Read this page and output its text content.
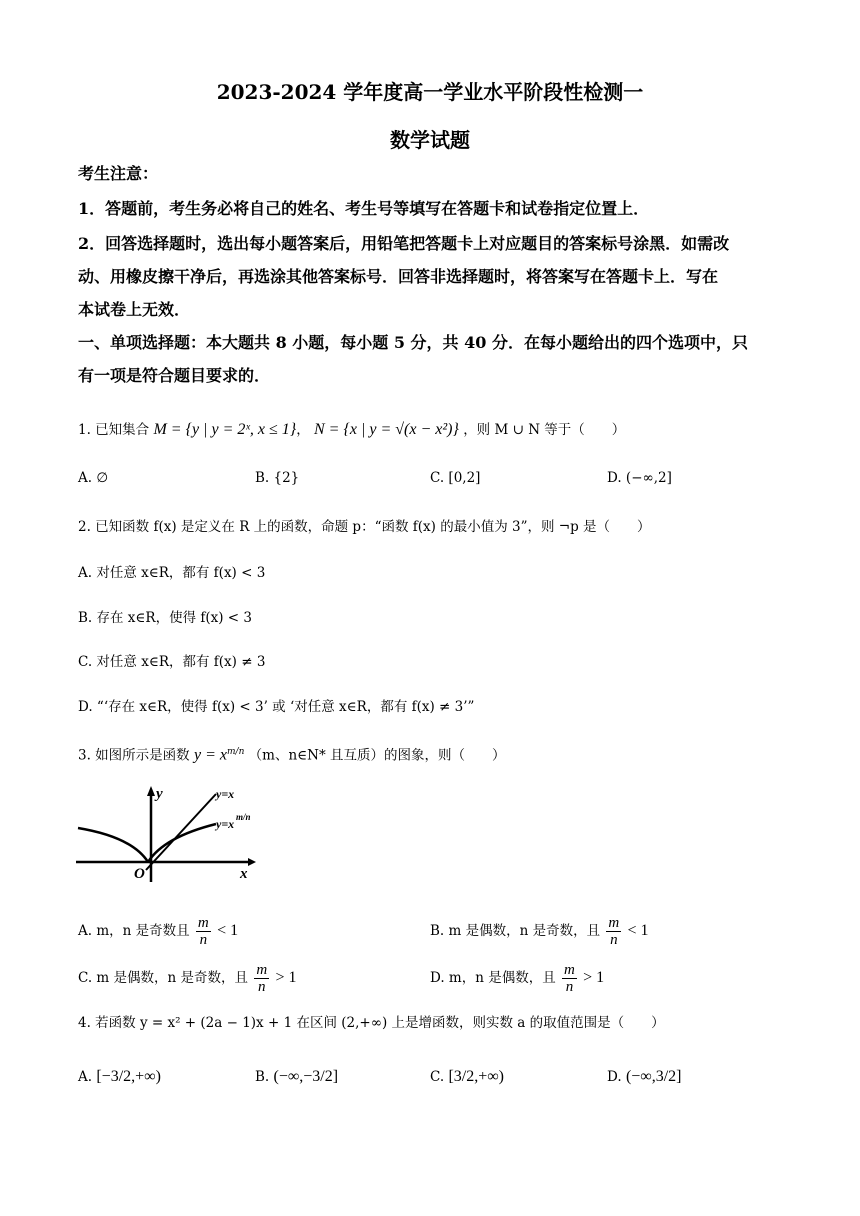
2023-2024 学年度高一学业水平阶段性检测一
数学试题
考生注意：
1．答题前，考生务必将自己的姓名、考生号等填写在答题卡和试卷指定位置上．
2．回答选择题时，选出每小题答案后，用铅笔把答题卡上对应题目的答案标号涂黑．如需改
动、用橡皮擦干净后，再选涂其他答案标号．回答非选择题时，将答案写在答题卡上．写在
本试卷上无效．
一、单项选择题：本大题共 8 小题，每小题 5 分，共 40 分．在每小题给出的四个选项中，只
有一项是符合题目要求的．
1. 已知集合 M = {y | y = 2ˣ, x ≤ 1}， N = {x | y = √(x − x²)} ，则 M ∪ N 等于（　　）
A. ∅	B. {2}	C. [0,2]	D. (−∞,2]
2. 已知函数 f(x) 是定义在 R 上的函数，命题 p：“函数 f(x) 的最小值为 3”，则 ¬p 是（　　）
A. 对任意 x∈R，都有 f(x) < 3
B. 存在 x∈R，使得 f(x) < 3
C. 对任意 x∈R，都有 f(x) ≠ 3
D. “‘存在 x∈R，使得 f(x) < 3’ 或 ‘对任意 x∈R，都有 f(x) ≠ 3’”
3. 如图所示是函数 $y = x^{m/n}$ （m、n∈N* 且互质）的图象，则（　　）
y
x
O
y=x
y=x m/n
A. m，n 是奇数且 $\frac{m}{n} < 1$	B. m 是偶数，n 是奇数，且 $\frac{m}{n} < 1$
C. m 是偶数，n 是奇数，且 $\frac{m}{n} > 1$	D. m，n 是偶数，且 $\frac{m}{n} > 1$
4. 若函数 y = x² + (2a − 1)x + 1 在区间 (2,+∞) 上是增函数，则实数 a 的取值范围是（　　）
A. [−3/2,+∞)	B. (−∞,−3/2]	C. [3/2,+∞)	D. (−∞,3/2]
